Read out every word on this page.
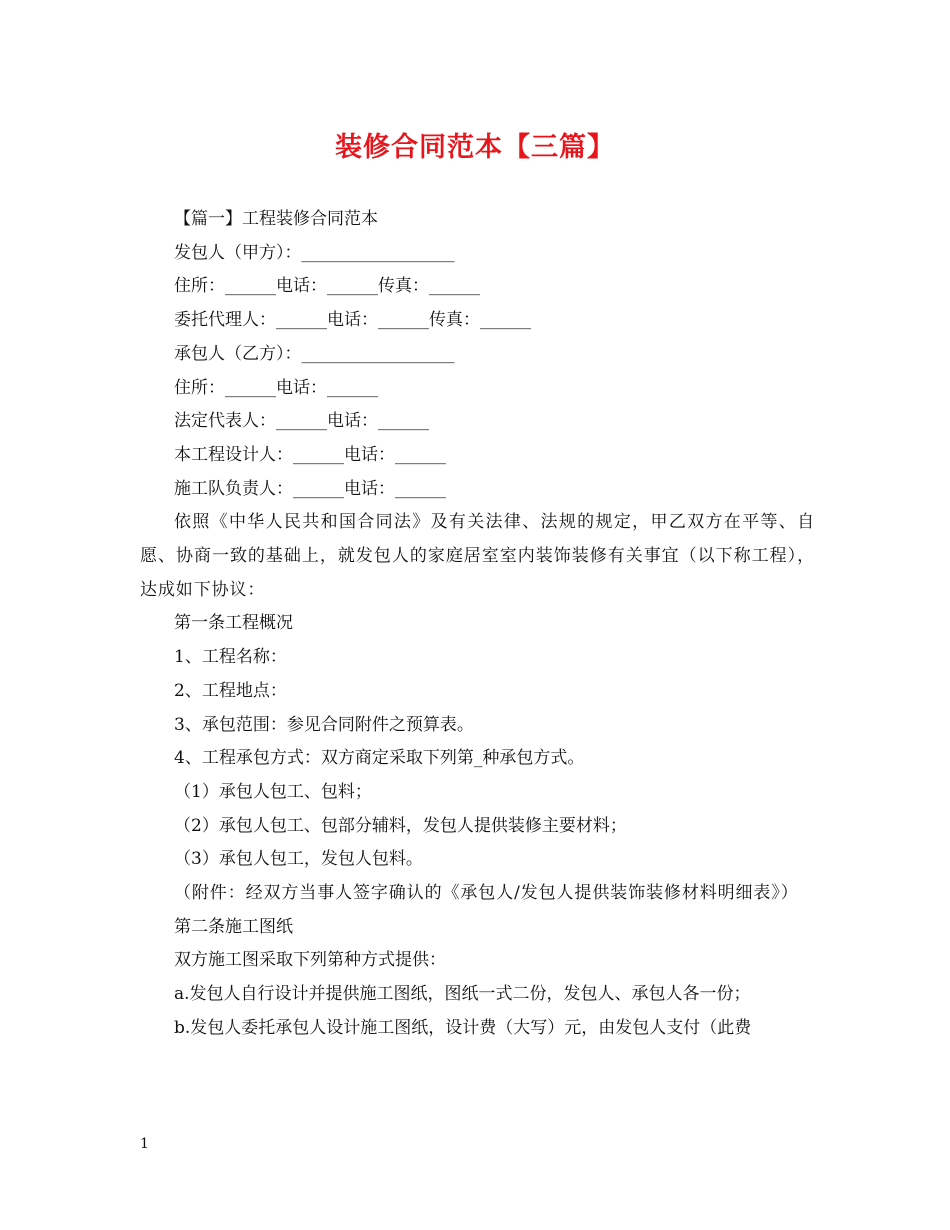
装修合同范本【三篇】

【篇一】工程装修合同范本

发包人（甲方）：__________________

住所：______电话：______传真：______

委托代理人：______电话：______传真：______

承包人（乙方）：__________________

住所：______电话：______

法定代表人：______电话：______

本工程设计人：______电话：______

施工队负责人：______电话：______

依照《中华人民共和国合同法》及有关法律、法规的规定，甲乙双方在平等、自愿、协商一致的基础上，就发包人的家庭居室室内装饰装修有关事宜（以下称工程），达成如下协议：

第一条工程概况

1、工程名称：

2、工程地点：

3、承包范围：参见合同附件之预算表。

4、工程承包方式：双方商定采取下列第_种承包方式。

（1）承包人包工、包料；

（2）承包人包工、包部分辅料，发包人提供装修主要材料；

（3）承包人包工，发包人包料。

（附件：经双方当事人签字确认的《承包人/发包人提供装饰装修材料明细表》）

第二条施工图纸

双方施工图采取下列第种方式提供：

a.发包人自行设计并提供施工图纸，图纸一式二份，发包人、承包人各一份；

b.发包人委托承包人设计施工图纸，设计费（大写）元，由发包人支付（此费

1
